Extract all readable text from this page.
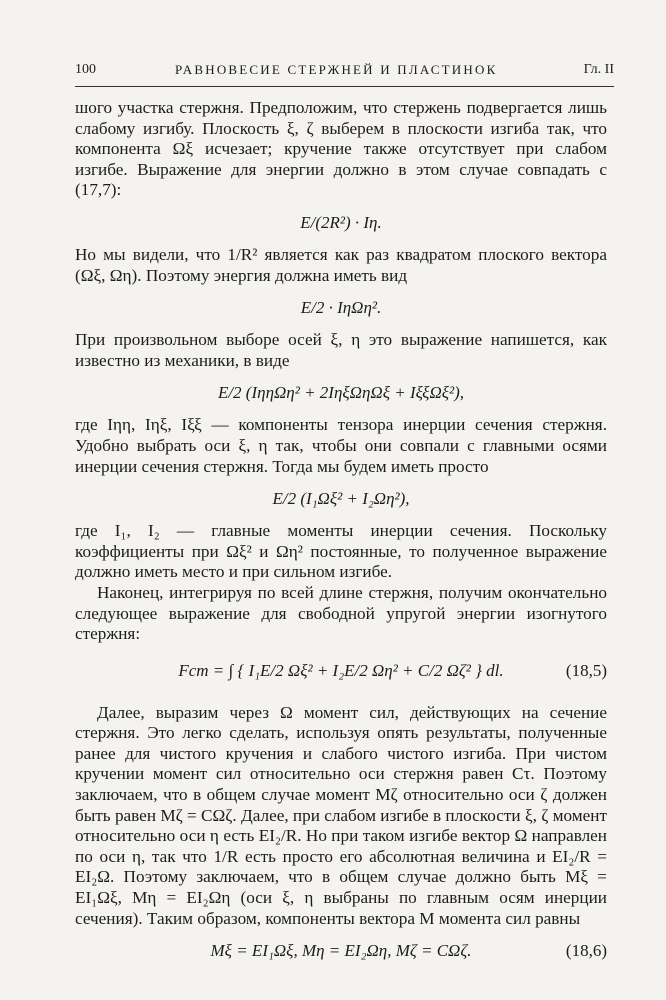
100	РАВНОВЕСИЕ СТЕРЖНЕЙ И ПЛАСТИНОК	Гл. II

шого участка стержня. Предположим, что стержень подвергается лишь слабому изгибу. Плоскость ξ, ζ выберем в плоскости изгиба так, что компонента Ωξ исчезает; кручение также отсутствует при слабом изгибе. Выражение для энергии должно в этом случае совпадать с (17,7):

E/(2R²) · Iη.

Но мы видели, что 1/R² является как раз квадратом плоского вектора (Ωξ, Ωη). Поэтому энергия должна иметь вид

E/2 · IηΩη².

При произвольном выборе осей ξ, η это выражение напишется, как известно из механики, в виде

E/2 (IηηΩη² + 2IηξΩηΩξ + IξξΩξ²),

где Iηη, Iηξ, Iξξ — компоненты тензора инерции сечения стержня. Удобно выбрать оси ξ, η так, чтобы они совпали с главными осями инерции сечения стержня. Тогда мы будем иметь просто

E/2 (I₁Ωξ² + I₂Ωη²),

где I₁, I₂ — главные моменты инерции сечения. Поскольку коэффициенты при Ωξ² и Ωη² постоянные, то полученное выражение должно иметь место и при сильном изгибе.

Наконец, интегрируя по всей длине стержня, получим окончательно следующее выражение для свободной упругой энергии изогнутого стержня:

Fст = ∫ { I₁E/2 Ωξ² + I₂E/2 Ωη² + C/2 Ωζ² } dl.	(18,5)

Далее, выразим через Ω момент сил, действующих на сечение стержня. Это легко сделать, используя опять результаты, полученные ранее для чистого кручения и слабого чистого изгиба. При чистом кручении момент сил относительно оси стержня равен Cτ. Поэтому заключаем, что в общем случае момент Mζ относительно оси ζ должен быть равен Mζ = CΩζ. Далее, при слабом изгибе в плоскости ξ, ζ момент относительно оси η есть EI₂/R. Но при таком изгибе вектор Ω направлен по оси η, так что 1/R есть просто его абсолютная величина и EI₂/R = EI₂Ω. Поэтому заключаем, что в общем случае должно быть Mξ = EI₁Ωξ, Mη = EI₂Ωη (оси ξ, η выбраны по главным осям инерции сечения). Таким образом, компоненты вектора M момента сил равны

Mξ = EI₁Ωξ, Mη = EI₂Ωη, Mζ = CΩζ.	(18,6)
